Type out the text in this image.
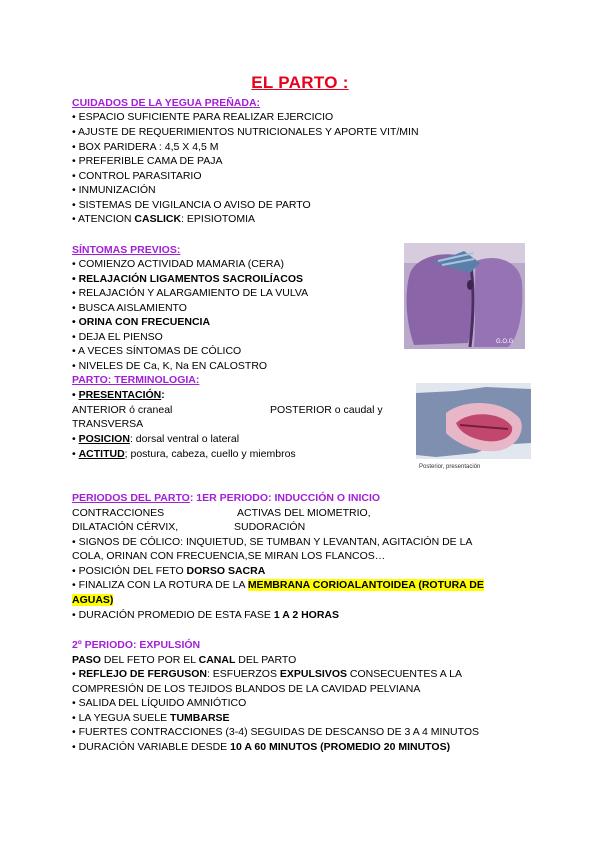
EL PARTO :
CUIDADOS DE LA YEGUA PREÑADA:
• ESPACIO SUFICIENTE PARA REALIZAR EJERCICIO
• AJUSTE DE REQUERIMIENTOS NUTRICIONALES Y APORTE VIT/MIN
• BOX PARIDERA : 4,5 X 4,5 M
• PREFERIBLE CAMA DE PAJA
• CONTROL PARASITARIO
• INMUNIZACIÓN
• SISTEMAS DE VIGILANCIA O AVISO DE PARTO
• ATENCION CASLICK: EPISIOTOMIA
SÍNTOMAS PREVIOS:
• COMIENZO ACTIVIDAD MAMARIA (CERA)
• RELAJACIÓN LIGAMENTOS SACROILÍACOS
• RELAJACIÓN Y ALARGAMIENTO DE LA VULVA
• BUSCA AISLAMIENTO
• ORINA CON FRECUENCIA
• DEJA EL PIENSO
• A VECES SÍNTOMAS DE CÓLICO
• NIVELES DE Ca, K, Na EN CALOSTRO
PARTO: TERMINOLOGIA:
• PRESENTACIÓN:
ANTERIOR ó craneal	POSTERIOR o caudal y
TRANSVERSA
• POSICION: dorsal ventral o lateral
• ACTITUD; postura, cabeza, cuello y miembros
PERIODOS DEL PARTO: 1ER PERIODO: INDUCCIÓN O INICIO
CONTRACCIONES	ACTIVAS DEL MIOMETRIO,
DILATACIÓN CÉRVIX,	SUDORACIÓN
• SIGNOS DE CÓLICO: INQUIETUD, SE TUMBAN Y LEVANTAN, AGITACIÓN DE LA
COLA, ORINAN CON FRECUENCIA,SE MIRAN LOS FLANCOS…
• POSICIÓN DEL FETO DORSO SACRA
• FINALIZA CON LA ROTURA DE LA MEMBRANA CORIOALANTOIDEA (ROTURA DE
AGUAS)
• DURACIÓN PROMEDIO DE ESTA FASE 1 A 2 HORAS
2º PERIODO: EXPULSIÓN
PASO DEL FETO POR EL CANAL DEL PARTO
• REFLEJO DE FERGUSON: ESFUERZOS EXPULSIVOS CONSECUENTES A LA
COMPRESIÓN DE LOS TEJIDOS BLANDOS DE LA CAVIDAD PELVIANA
• SALIDA DEL LÍQUIDO AMNIÓTICO
• LA YEGUA SUELE TUMBARSE
• FUERTES CONTRACCIONES (3-4) SEGUIDAS DE DESCANSO DE 3 A 4 MINUTOS
• DURACIÓN VARIABLE DESDE 10 A 60 MINUTOS (PROMEDIO 20 MINUTOS)
G.O.G
Posterior, presentación
